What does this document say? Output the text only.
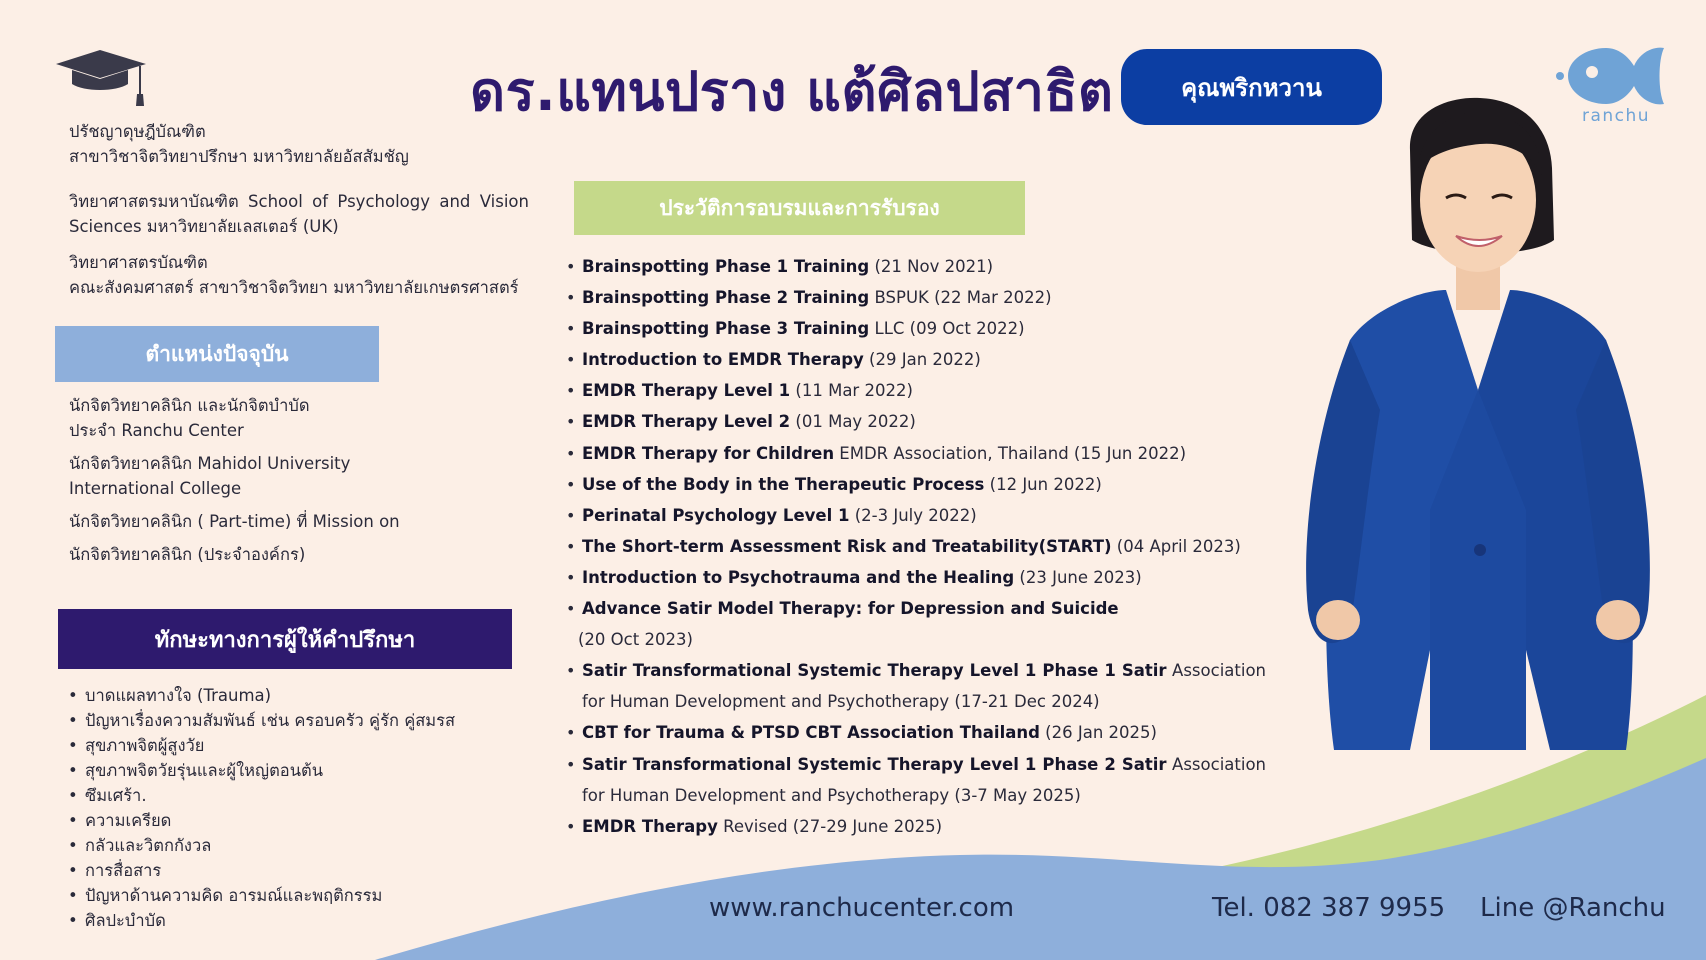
ดร.แทนปราง แต้ศิลปสาธิต	คุณพริกหวาน
ranchu

ปรัชญาดุษฎีบัณฑิต

สาขาวิชาจิตวิทยาปรึกษา มหาวิทยาลัยอัสสัมชัญ

วิทยาศาสตรมหาบัณฑิต School of Psychology and Vision Sciences มหาวิทยาลัยเลสเตอร์ (UK)

วิทยาศาสตรบัณฑิต

คณะสังคมศาสตร์ สาขาวิชาจิตวิทยา มหาวิทยาลัยเกษตรศาสตร์

ตำแหน่งปัจจุบัน
นักจิตวิทยาคลินิก และนักจิตบำบัด
ประจำ Ranchu Center
นักจิตวิทยาคลินิก Mahidol University
International College
นักจิตวิทยาคลินิก ( Part-time) ที่ Mission on
นักจิตวิทยาคลินิก (ประจำองค์กร)
ทักษะทางการผู้ให้คำปรึกษา
• บาดแผลทางใจ (Trauma)
• ปัญหาเรื่องความสัมพันธ์ เช่น ครอบครัว คู่รัก คู่สมรส
• สุขภาพจิตผู้สูงวัย
• สุขภาพจิตวัยรุ่นและผู้ใหญ่ตอนต้น
• ซึมเศร้า.
• ความเครียด
• กลัวและวิตกกังวล
• การสื่อสาร
• ปัญหาด้านความคิด อารมณ์และพฤติกรรม
• ศิลปะบำบัด
ประวัติการอบรมและการรับรอง
• Brainspotting Phase 1 Training (21 Nov 2021)
• Brainspotting Phase 2 Training BSPUK (22 Mar 2022)
• Brainspotting Phase 3 Training LLC (09 Oct 2022)
• Introduction to EMDR Therapy (29 Jan 2022)
• EMDR Therapy Level 1 (11 Mar 2022)
• EMDR Therapy Level 2 (01 May 2022)
• EMDR Therapy for Children EMDR Association, Thailand (15 Jun 2022)
• Use of the Body in the Therapeutic Process (12 Jun 2022)
• Perinatal Psychology Level 1 (2-3 July 2022)
• The Short-term Assessment Risk and Treatability(START) (04 April 2023)
• Introduction to Psychotrauma and the Healing (23 June 2023)
• Advance Satir Model Therapy: for Depression and Suicide
(20 Oct 2023)
• Satir Transformational Systemic Therapy Level 1 Phase 1 Satir Association for Human Development and Psychotherapy (17-21 Dec 2024)
• CBT for Trauma & PTSD CBT Association Thailand (26 Jan 2025)
• Satir Transformational Systemic Therapy Level 1 Phase 2 Satir Association for Human Development and Psychotherapy (3-7 May 2025)
• EMDR Therapy Revised (27-29 June 2025)
www.ranchucenter.com	Tel. 082 387 9955 Line @Ranchu
